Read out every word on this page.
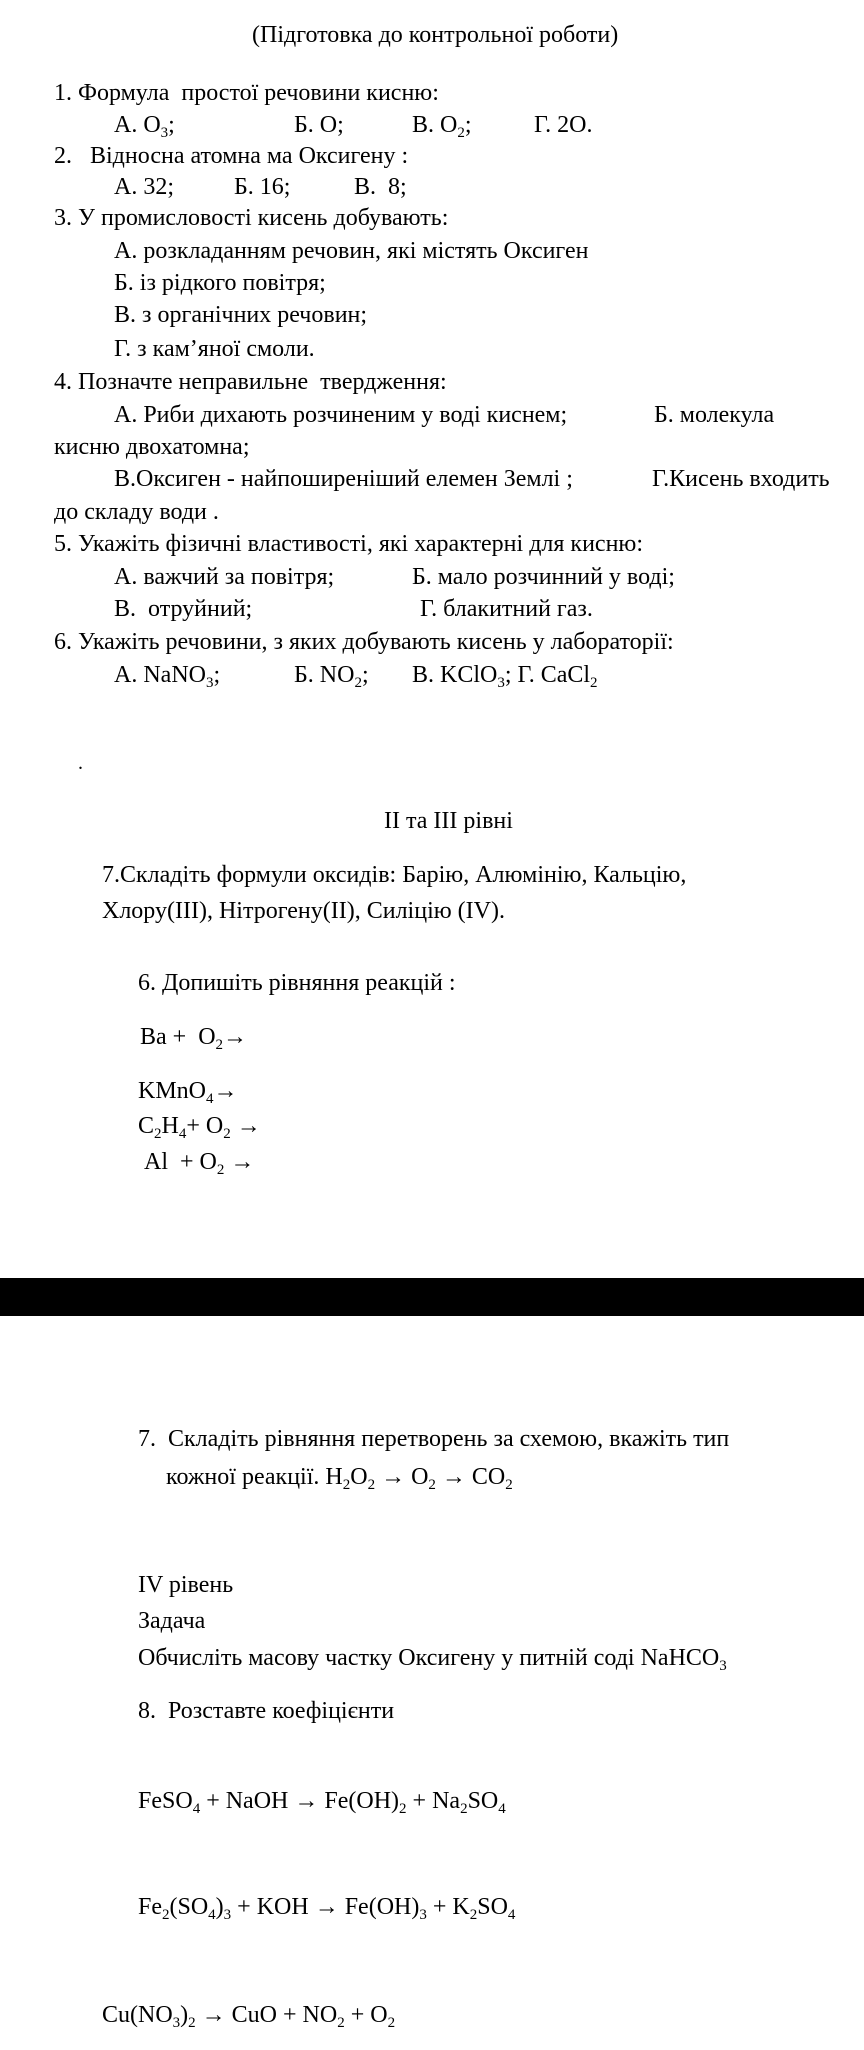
(Підготовка до контрольної роботи)
1. Формула  простої речовини кисню:
А. $O_3$;	Б. O;	В. $O_2$;	Г. 2O.
2.   Відносна атомна ма Оксигену :
А. 32;	Б. 16;	В.  8;
3. У промисловості кисень добувають:
А. розкладанням речовин, які містять Оксиген
Б. із рідкого повітря;
В. з органічних речовин;
Г. з кам’яної смоли.
4. Позначте неправильне  твердження:
А. Риби дихають розчиненим у воді киснем;	Б. молекула
кисню двохатомна;
В.Оксиген - найпоширеніший елемен Землі ;	Г.Кисень входить
до складу води .
5. Укажіть фізичні властивості, які характерні для кисню:
А. важчий за повітря;	Б. мало розчинний у воді;
В.  отруйний;	Г. блакитний газ.
6. Укажіть речовини, з яких добувають кисень у лабораторії:
А. NaNO$_3$;	Б. $NO_2$; В. KClO$_3$; Г. CaCl$_2$
.
II та III рівні
7.Складіть формули оксидів: Барію, Алюмінію, Кальцію,
Хлору(III), Нітрогену(II), Силіцію (IV).
6. Допишіть рівняння реакцій :
$Ba + O_2\to$
KMnO$_4$→
$C_2H_4+ O_2$ →
$Al + O_2$ →
7.  Складіть рівняння перетворень за схемою, вкажіть тип
кожної реакції. $H_2O_2 \to O_2 \to CO_2$
IV рівень
Задача
Обчисліть масову частку Оксигену у питній соді NaHCO$_3$
8.  Розставте коефіцієнти
FeSO$_4$ + NaOH → $Fe(OH)_2 + Na_2SO_4$
$Fe_2(SO_4)_3$ + KOH → $Fe(OH)_3 + K_2SO_4$
$Cu(NO_3)_2$ → CuO + $NO_2 + O_2$
